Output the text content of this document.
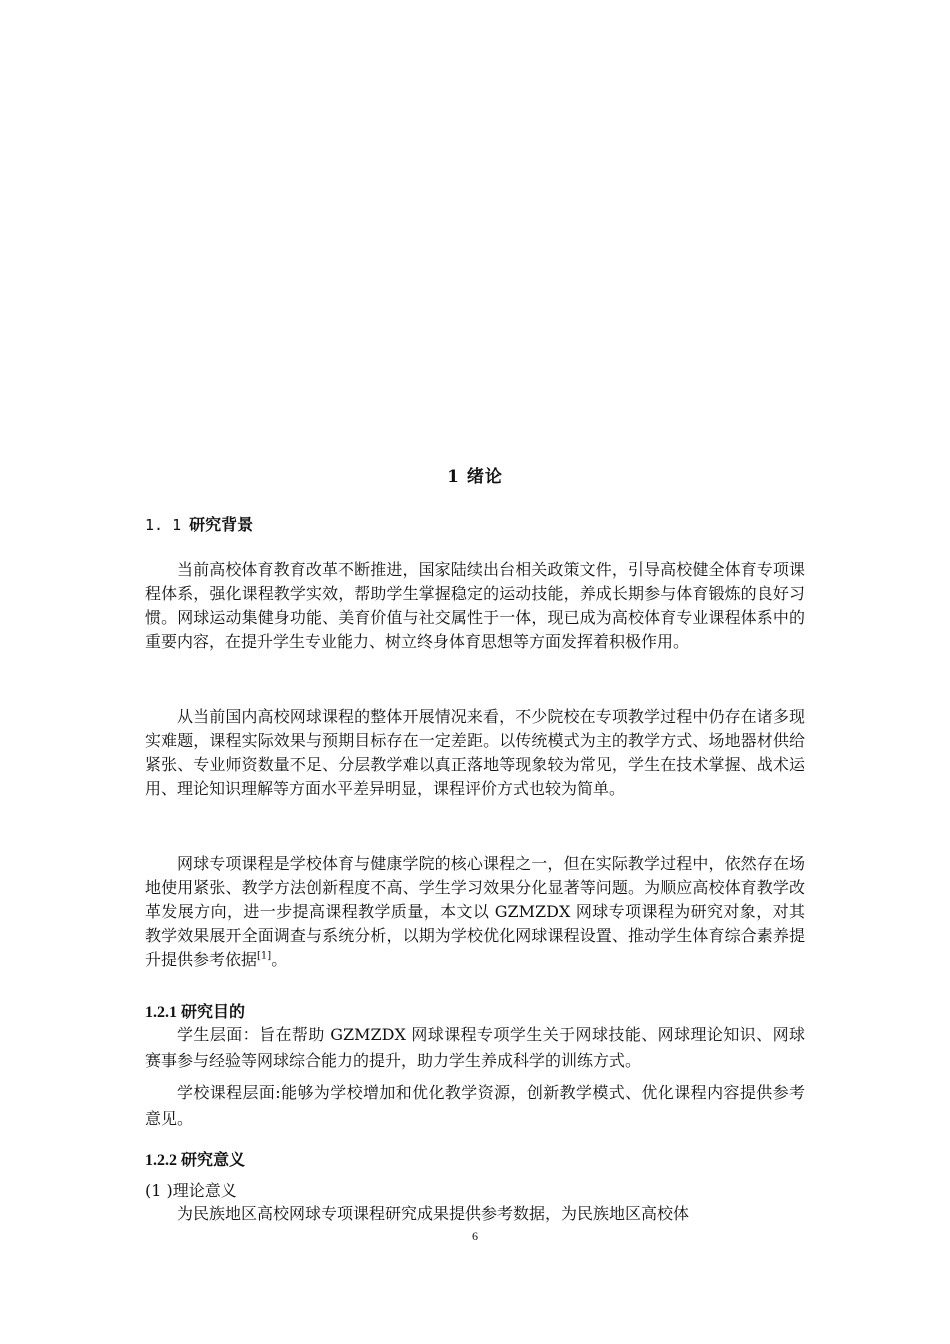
1 绪论
1. 1 研究背景

当前高校体育教育改革不断推进，国家陆续出台相关政策文件，引导高校健全体育专项课程体系，强化课程教学实效，帮助学生掌握稳定的运动技能，养成长期参与体育锻炼的良好习惯。网球运动集健身功能、美育价值与社交属性于一体，现已成为高校体育专业课程体系中的重要内容，在提升学生专业能力、树立终身体育思想等方面发挥着积极作用。

从当前国内高校网球课程的整体开展情况来看，不少院校在专项教学过程中仍存在诸多现实难题，课程实际效果与预期目标存在一定差距。以传统模式为主的教学方式、场地器材供给紧张、专业师资数量不足、分层教学难以真正落地等现象较为常见，学生在技术掌握、战术运用、理论知识理解等方面水平差异明显，课程评价方式也较为简单。

网球专项课程是学校体育与健康学院的核心课程之一，但在实际教学过程中，依然存在场地使用紧张、教学方法创新程度不高、学生学习效果分化显著等问题。为顺应高校体育教学改革发展方向，进一步提高课程教学质量，本文以 GZMZDX 网球专项课程为研究对象，对其教学效果展开全面调查与系统分析，以期为学校优化网球课程设置、推动学生体育综合素养提升提供参考依据[1]。

1.2.1 研究目的

学生层面：旨在帮助 GZMZDX 网球课程专项学生关于网球技能、网球理论知识、网球赛事参与经验等网球综合能力的提升，助力学生养成科学的训练方式。

学校课程层面:能够为学校增加和优化教学资源，创新教学模式、优化课程内容提供参考意见。

1.2.2 研究意义
(1 )理论意义

为民族地区高校网球专项课程研究成果提供参考数据，为民族地区高校体

6
